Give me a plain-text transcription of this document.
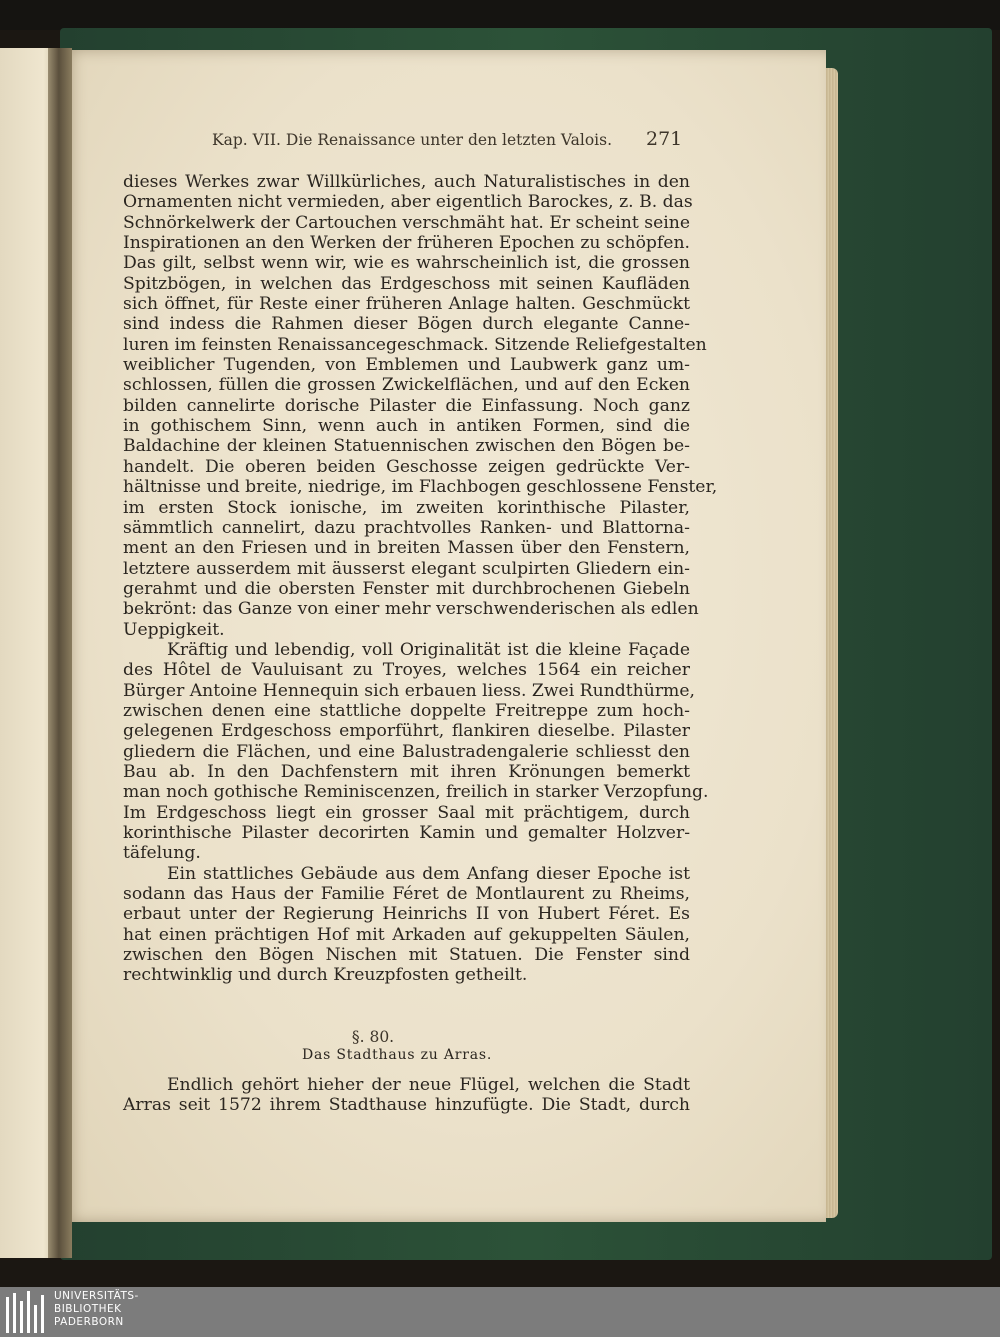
Kap. VII. Die Renaissance unter den letzten Valois. 271
dieses Werkes zwar Willkürliches, auch Naturalistisches in den
Ornamenten nicht vermieden, aber eigentlich Barockes, z. B. das
Schnörkelwerk der Cartouchen verschmäht hat. Er scheint seine
Inspirationen an den Werken der früheren Epochen zu schöpfen.
Das gilt, selbst wenn wir, wie es wahrscheinlich ist, die grossen
Spitzbögen, in welchen das Erdgeschoss mit seinen Kaufläden
sich öffnet, für Reste einer früheren Anlage halten. Geschmückt
sind indess die Rahmen dieser Bögen durch elegante Canne-
luren im feinsten Renaissancegeschmack. Sitzende Reliefgestalten
weiblicher Tugenden, von Emblemen und Laubwerk ganz um-
schlossen, füllen die grossen Zwickelflächen, und auf den Ecken
bilden cannelirte dorische Pilaster die Einfassung. Noch ganz
in gothischem Sinn, wenn auch in antiken Formen, sind die
Baldachine der kleinen Statuennischen zwischen den Bögen be-
handelt. Die oberen beiden Geschosse zeigen gedrückte Ver-
hältnisse und breite, niedrige, im Flachbogen geschlossene Fenster,
im ersten Stock ionische, im zweiten korinthische Pilaster,
sämmtlich cannelirt, dazu prachtvolles Ranken- und Blattorna-
ment an den Friesen und in breiten Massen über den Fenstern,
letztere ausserdem mit äusserst elegant sculpirten Gliedern ein-
gerahmt und die obersten Fenster mit durchbrochenen Giebeln
bekrönt: das Ganze von einer mehr verschwenderischen als edlen
Ueppigkeit.
Kräftig und lebendig, voll Originalität ist die kleine Façade
des Hôtel de Vauluisant zu Troyes, welches 1564 ein reicher
Bürger Antoine Hennequin sich erbauen liess. Zwei Rundthürme,
zwischen denen eine stattliche doppelte Freitreppe zum hoch-
gelegenen Erdgeschoss emporführt, flankiren dieselbe. Pilaster
gliedern die Flächen, und eine Balustradengalerie schliesst den
Bau ab. In den Dachfenstern mit ihren Krönungen bemerkt
man noch gothische Reminiscenzen, freilich in starker Verzopfung.
Im Erdgeschoss liegt ein grosser Saal mit prächtigem, durch
korinthische Pilaster decorirten Kamin und gemalter Holzver-
täfelung.
Ein stattliches Gebäude aus dem Anfang dieser Epoche ist
sodann das Haus der Familie Féret de Montlaurent zu Rheims,
erbaut unter der Regierung Heinrichs II von Hubert Féret. Es
hat einen prächtigen Hof mit Arkaden auf gekuppelten Säulen,
zwischen den Bögen Nischen mit Statuen. Die Fenster sind
rechtwinklig und durch Kreuzpfosten getheilt.
§. 80.
Das Stadthaus zu Arras.
Endlich gehört hieher der neue Flügel, welchen die Stadt
Arras seit 1572 ihrem Stadthause hinzufügte. Die Stadt, durch
UNIVERSITÄTS-
BIBLIOTHEK
PADERBORN
